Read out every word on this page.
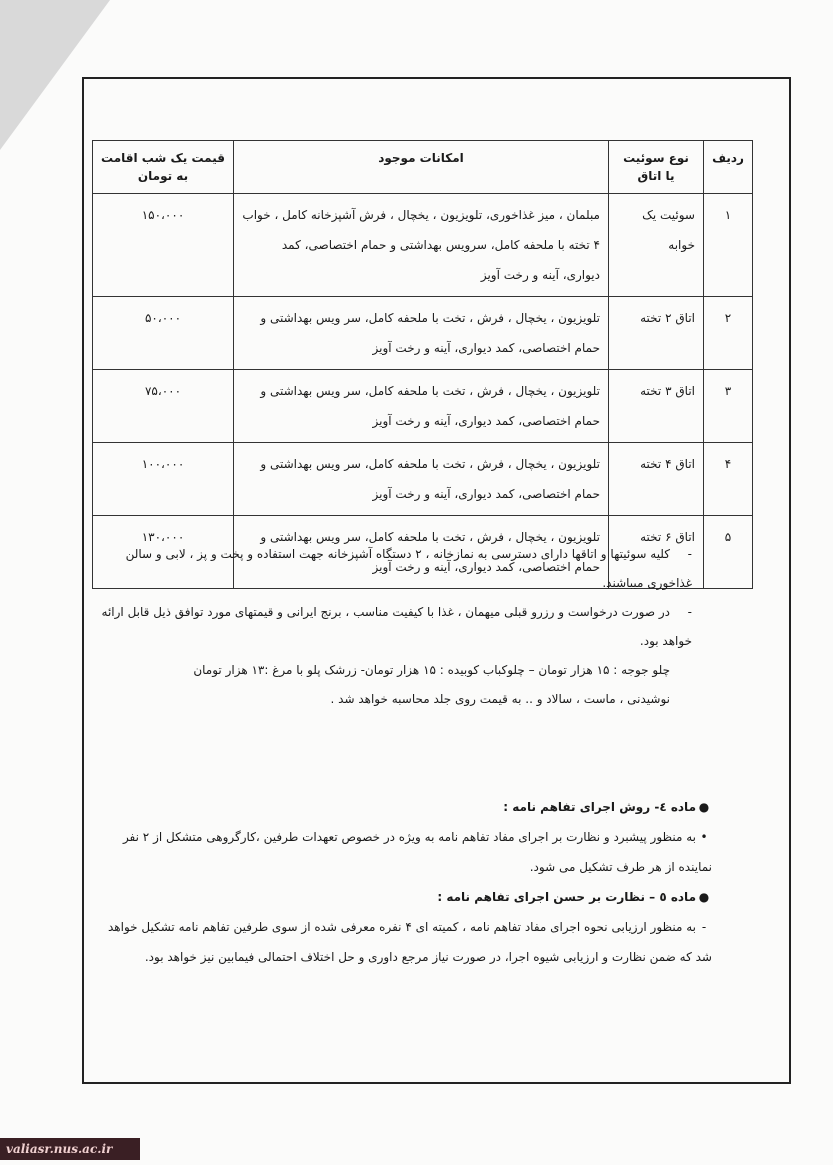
ردیف	نوع سوئیت یا اتاق	امکانات موجود	قیمت یک شب اقامت به تومان
۱	سوئیت یک خوابه	مبلمان ، میز غذاخوری، تلویزیون ، یخچال ، فرش آشپزخانه کامل ، خواب ۴ تخته با ملحفه کامل، سرویس بهداشتی و حمام اختصاصی، کمد دیواری، آینه و رخت آویز	۱۵۰،۰۰۰
۲	اتاق ۲ تخته	تلویزیون ، یخچال ، فرش ، تخت با ملحفه کامل، سر ویس بهداشتی و حمام اختصاصی، کمد دیواری، آینه و رخت آویز	۵۰،۰۰۰
۳	اتاق ۳ تخته	تلویزیون ، یخچال ، فرش ، تخت با ملحفه کامل، سر ویس بهداشتی و حمام اختصاصی، کمد دیواری، آینه و رخت آویز	۷۵،۰۰۰
۴	اتاق ۴ تخته	تلویزیون ، یخچال ، فرش ، تخت با ملحفه کامل، سر ویس بهداشتی و حمام اختصاصی، کمد دیواری، آینه و رخت آویز	۱۰۰،۰۰۰
۵	اتاق ۶ تخته	تلویزیون ، یخچال ، فرش ، تخت با ملحفه کامل، سر ویس بهداشتی و حمام اختصاصی، کمد دیواری، آینه و رخت آویز	۱۳۰،۰۰۰

-کلیه سوئیتها و اتاقها دارای دسترسی به نمازخانه ، ۲ دستگاه آشپزخانه جهت استفاده و پخت و پز ، لابی و سالن غذاخوری میباشند.

-در صورت درخواست و رزرو قبلی میهمان ، غذا با کیفیت مناسب ، برنج ایرانی و قیمتهای مورد توافق ذیل قابل ارائه خواهد بود.

چلو جوجه : ۱۵ هزار تومان – چلوکباب کوبیده : ۱۵ هزار تومان- زرشک پلو با مرغ :۱۳ هزار تومان

نوشیدنی ، ماست ، سالاد و .. به قیمت روی جلد محاسبه خواهد شد .

●ماده ٤- روش اجرای تفاهم نامه :

•به منظور پیشبرد و نظارت بر اجرای مفاد تفاهم نامه به ویژه در خصوص تعهدات طرفین ،کارگروهی متشکل از ۲ نفر نماینده از هر طرف تشکیل می شود.

●ماده ٥ – نظارت بر حسن اجرای تفاهم نامه :

-به منظور ارزیابی نحوه اجرای مفاد تفاهم نامه ، کمیته ای ۴ نفره معرفی شده از سوی طرفین تفاهم نامه تشکیل خواهد شد که ضمن نظارت و ارزیابی شیوه اجرا، در صورت نیاز مرجع داوری و حل اختلاف احتمالی فیمابین نیز خواهد بود.

valiasr.nus.ac.ir
